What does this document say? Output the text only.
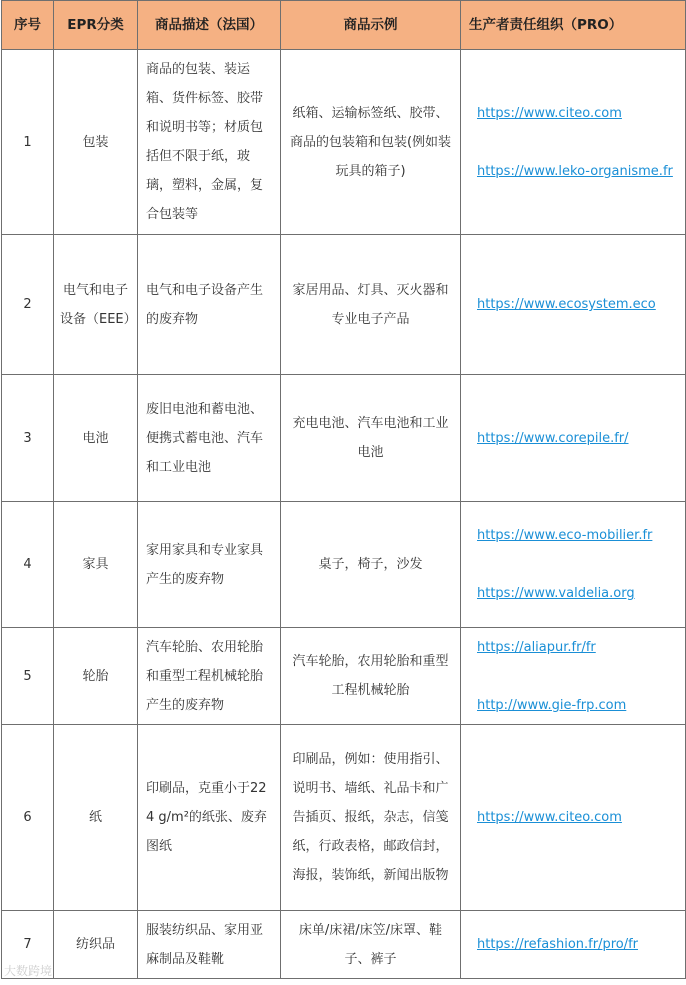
序号	EPR分类	商品描述（法国）	商品示例	生产者责任组织（PRO）
1	包装	商品的包装、装运箱、货件标签、胶带和说明书等；材质包括但不限于纸，玻璃，塑料，金属，复合包装等	纸箱、运输标签纸、胶带、商品的包装箱和包装(例如装玩具的箱子)	https://www.citeo.com
https://www.leko-organisme.fr

2	电气和电子设备（EEE）	电气和电子设备产生的废弃物	家居用品、灯具、灭火器和专业电子产品	https://www.ecosystem.eco

3	电池	废旧电池和蓄电池、便携式蓄电池、汽车和工业电池	充电电池、汽车电池和工业电池	https://www.corepile.fr/

4	家具	家用家具和专业家具产生的废弃物	桌子，椅子，沙发	https://www.eco-mobilier.fr
https://www.valdelia.org

5	轮胎	汽车轮胎、农用轮胎和重型工程机械轮胎产生的废弃物	汽车轮胎，农用轮胎和重型工程机械轮胎	https://aliapur.fr/fr
http://www.gie-frp.com

6	纸	印刷品，克重小于224 g/m²的纸张、废弃图纸	印刷品，例如：使用指引、说明书、墙纸、礼品卡和广告插页、报纸，杂志，信笺纸，行政表格，邮政信封，海报，装饰纸，新闻出版物	https://www.citeo.com

7	纺织品	服装纺织品、家用亚麻制品及鞋靴	床单/床裙/床笠/床罩、鞋子、裤子	https://refashion.fr/pro/fr
大数跨境
